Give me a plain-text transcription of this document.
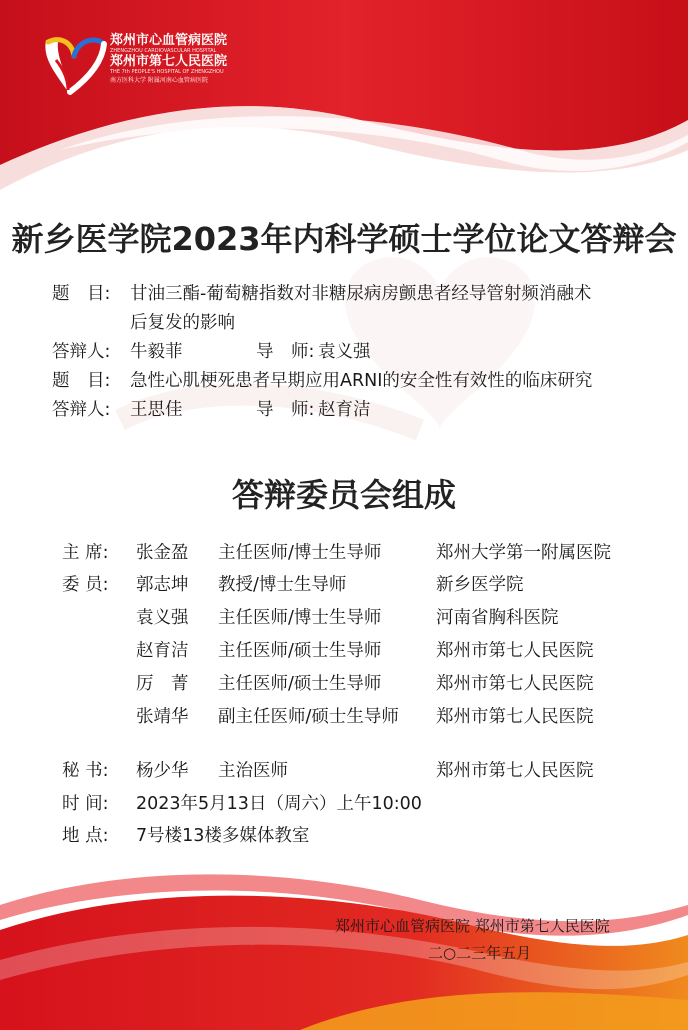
郑州市心血管病医院
ZHENGZHOU CARDIOVASCULAR HOSPITAL
郑州市第七人民医院
THE 7th PEOPLE'S HOSPITAL OF ZHENGZHOU
南方医科大学 附属河南心血管病医院
新乡医学院2023年内科学硕士学位论文答辩会
题　目: 甘油三酯-葡萄糖指数对非糖尿病房颤患者经导管射频消融术
后复发的影响
答辩人: 牛毅菲	导　师: 袁义强
题　目: 急性心肌梗死患者早期应用ARNI的安全性有效性的临床研究
答辩人: 王思佳	导　师: 赵育洁
答辩委员会组成
主 席: 张金盈 主任医师/博士生导师	郑州大学第一附属医院
委 员: 郭志坤 教授/博士生导师	新乡医学院
袁义强 主任医师/博士生导师	河南省胸科医院
赵育洁 主任医师/硕士生导师	郑州市第七人民医院
厉　菁 主任医师/硕士生导师	郑州市第七人民医院
张靖华 副主任医师/硕士生导师 郑州市第七人民医院
秘 书: 杨少华 主治医师	郑州市第七人民医院
时 间: 2023年5月13日（周六）上午10:00
地 点: 7号楼13楼多媒体教室
郑州市心血管病医院 郑州市第七人民医院
二○二三年五月
